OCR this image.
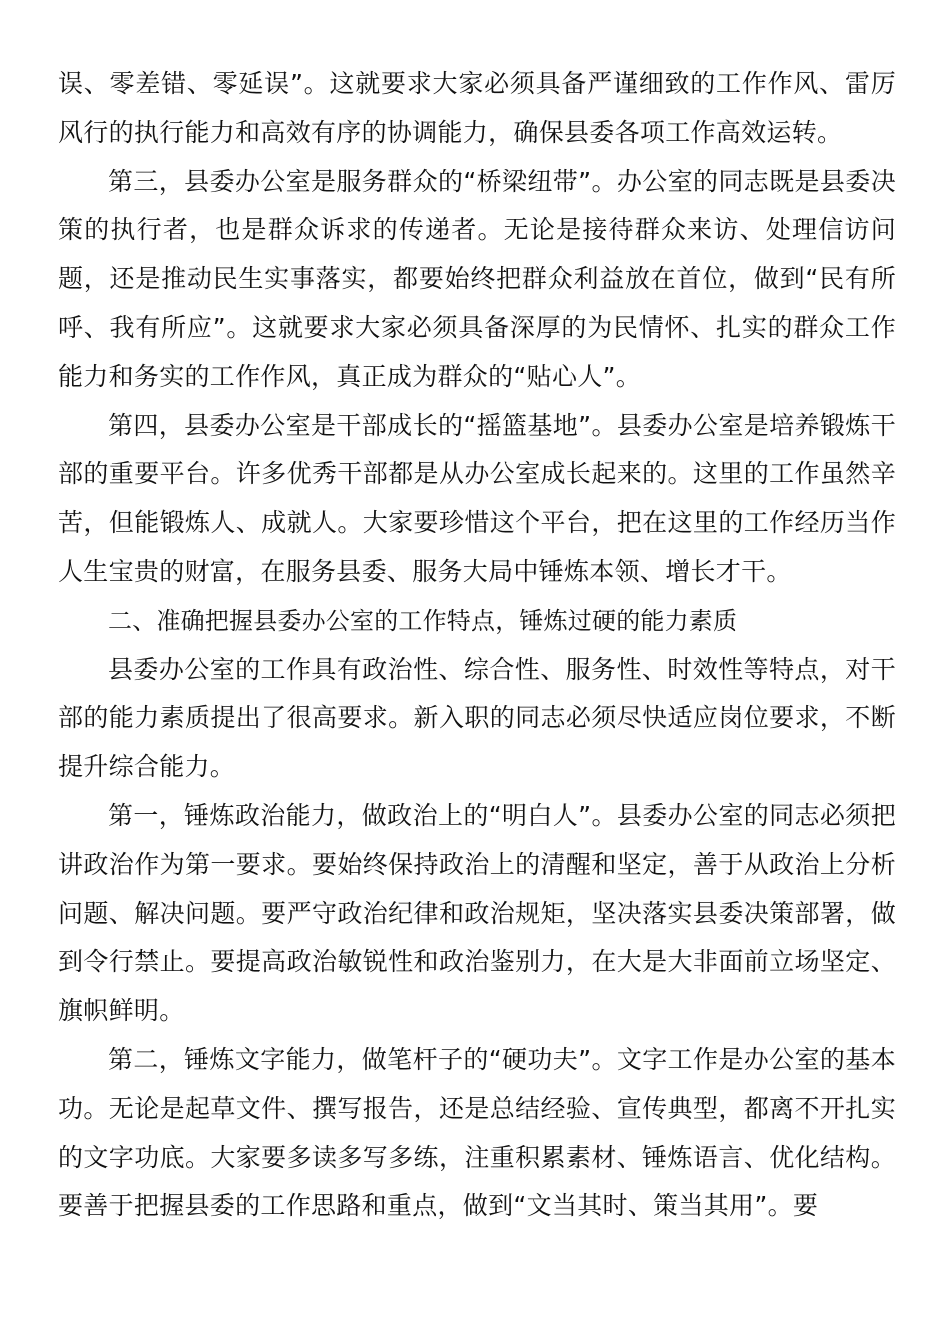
误、零差错、零延误”。这就要求大家必须具备严谨细致的工作作风、雷厉风行的执行能力和高效有序的协调能力，确保县委各项工作高效运转。

第三，县委办公室是服务群众的“桥梁纽带”。办公室的同志既是县委决策的执行者，也是群众诉求的传递者。无论是接待群众来访、处理信访问题，还是推动民生实事落实，都要始终把群众利益放在首位，做到“民有所呼、我有所应”。这就要求大家必须具备深厚的为民情怀、扎实的群众工作能力和务实的工作作风，真正成为群众的“贴心人”。

第四，县委办公室是干部成长的“摇篮基地”。县委办公室是培养锻炼干部的重要平台。许多优秀干部都是从办公室成长起来的。这里的工作虽然辛苦，但能锻炼人、成就人。大家要珍惜这个平台，把在这里的工作经历当作人生宝贵的财富，在服务县委、服务大局中锤炼本领、增长才干。

二、准确把握县委办公室的工作特点，锤炼过硬的能力素质

县委办公室的工作具有政治性、综合性、服务性、时效性等特点，对干部的能力素质提出了很高要求。新入职的同志必须尽快适应岗位要求，不断提升综合能力。

第一，锤炼政治能力，做政治上的“明白人”。县委办公室的同志必须把讲政治作为第一要求。要始终保持政治上的清醒和坚定，善于从政治上分析问题、解决问题。要严守政治纪律和政治规矩，坚决落实县委决策部署，做到令行禁止。要提高政治敏锐性和政治鉴别力，在大是大非面前立场坚定、旗帜鲜明。

第二，锤炼文字能力，做笔杆子的“硬功夫”。文字工作是办公室的基本功。无论是起草文件、撰写报告，还是总结经验、宣传典型，都离不开扎实的文字功底。大家要多读多写多练，注重积累素材、锤炼语言、优化结构。要善于把握县委的工作思路和重点，做到“文当其时、策当其用”。要
